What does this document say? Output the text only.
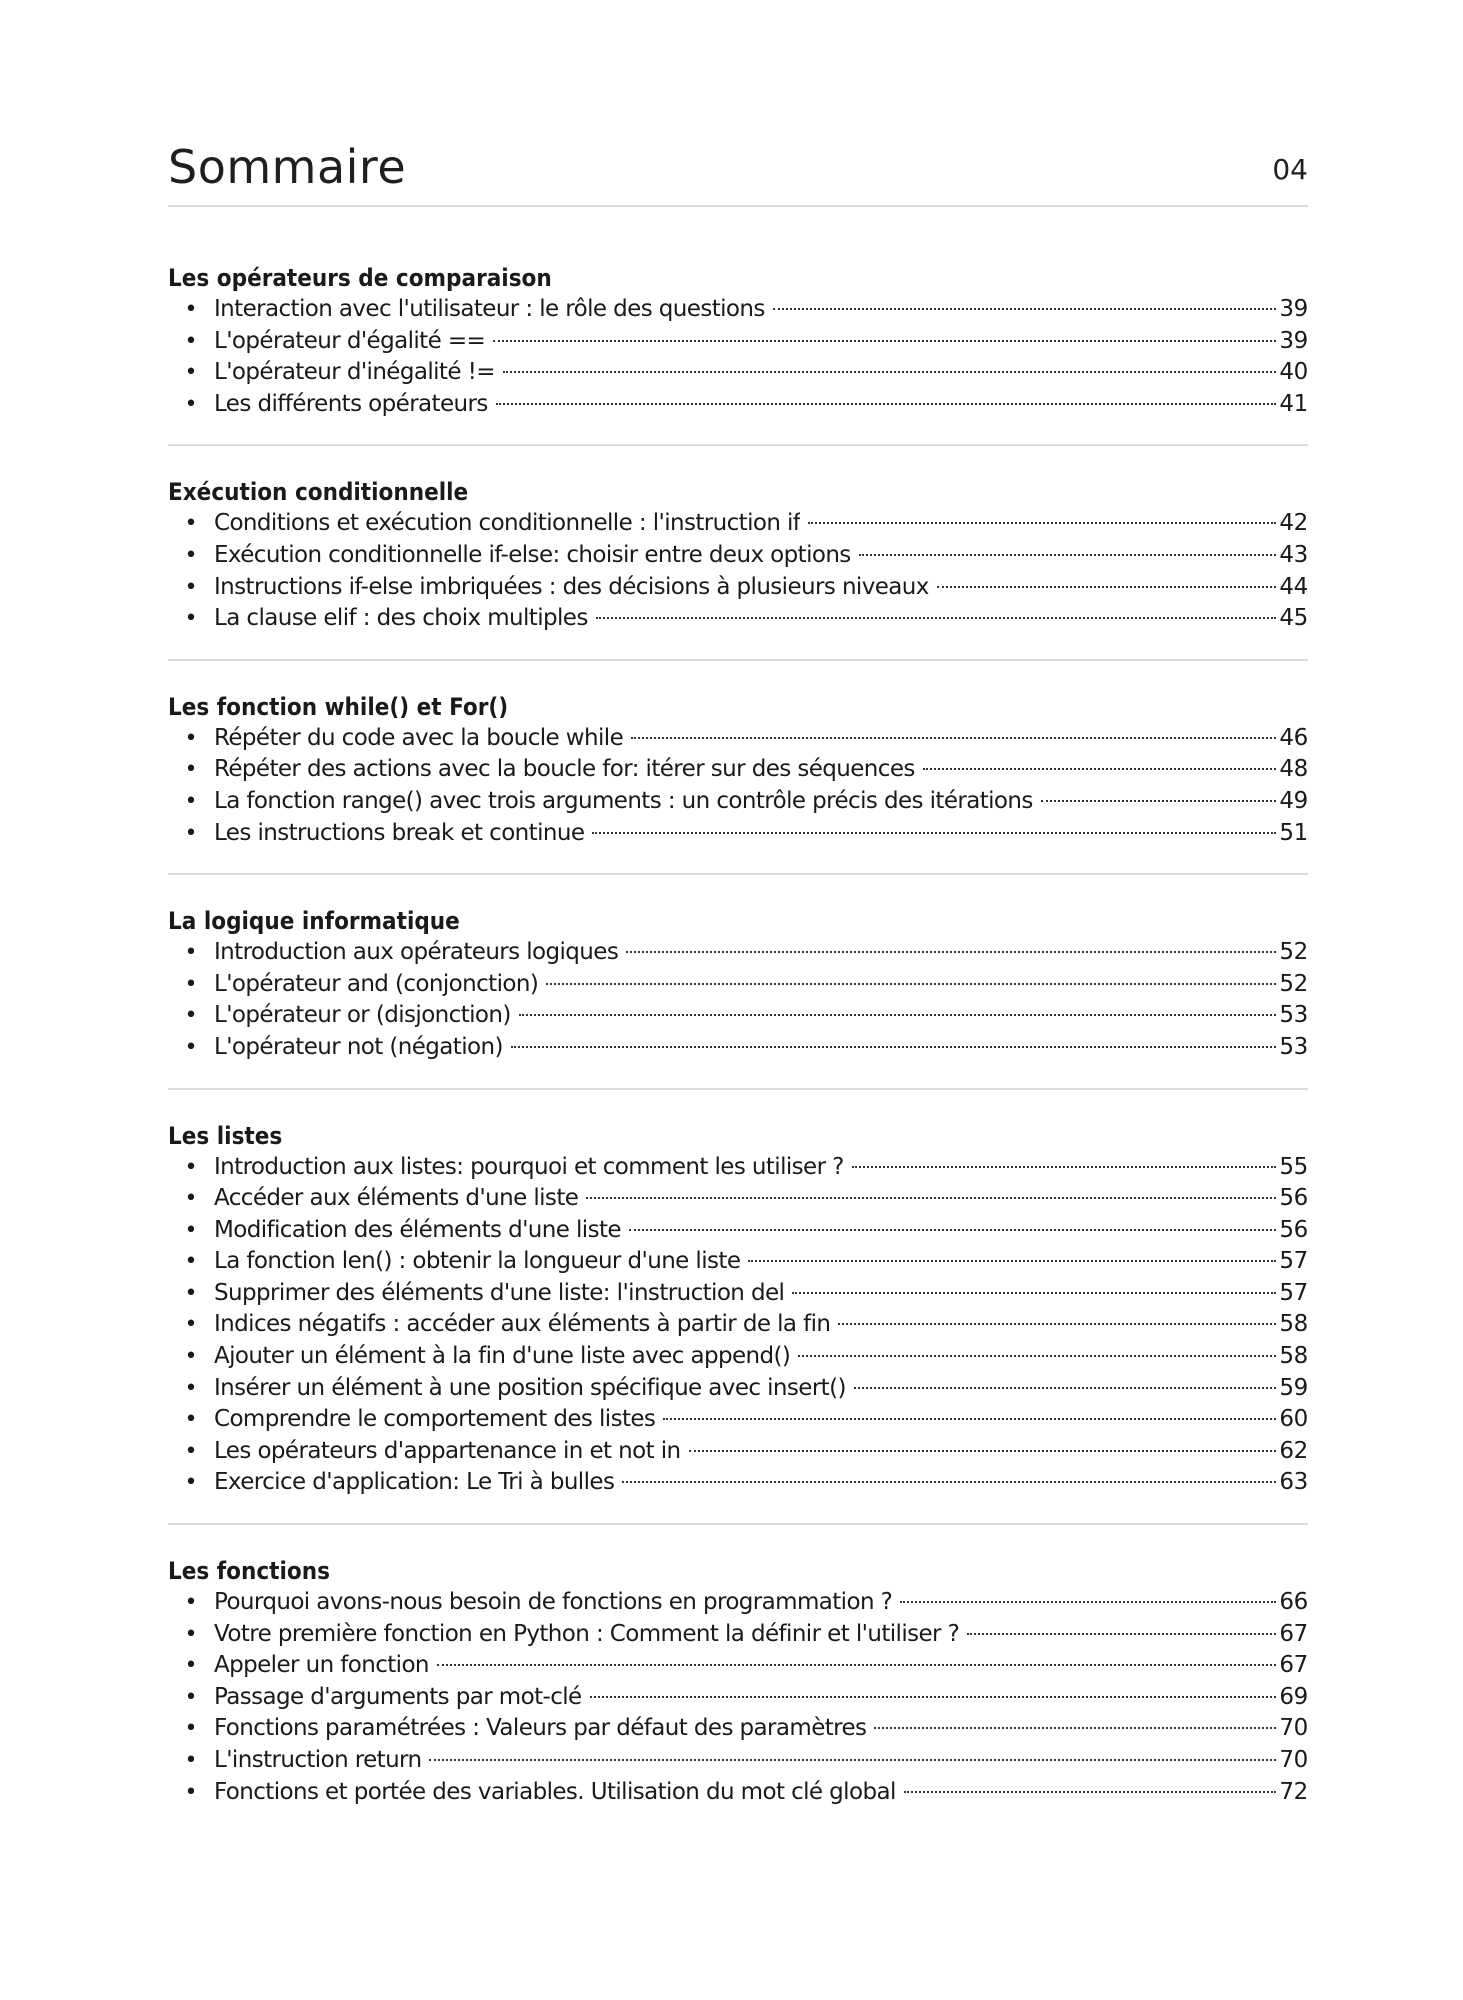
Sommaire	04
Les opérateurs de comparaison
• Interaction avec l'utilisateur : le rôle des questions	39
• L'opérateur d'égalité ==	39
• L'opérateur d'inégalité !=	40
• Les différents opérateurs	41
Exécution conditionnelle
• Conditions et exécution conditionnelle : l'instruction if	42
• Exécution conditionnelle if-else: choisir entre deux options	43
• Instructions if-else imbriquées : des décisions à plusieurs niveaux	44
• La clause elif : des choix multiples	45
Les fonction while() et For()
• Répéter du code avec la boucle while	46
• Répéter des actions avec la boucle for: itérer sur des séquences	48
• La fonction range() avec trois arguments : un contrôle précis des itérations	49
• Les instructions break et continue	51
La logique informatique
• Introduction aux opérateurs logiques	52
• L'opérateur and (conjonction)	52
• L'opérateur or (disjonction)	53
• L'opérateur not (négation)	53
Les listes
• Introduction aux listes: pourquoi et comment les utiliser ?	55
• Accéder aux éléments d'une liste	56
• Modification des éléments d'une liste	56
• La fonction len() : obtenir la longueur d'une liste	57
• Supprimer des éléments d'une liste: l'instruction del	57
• Indices négatifs : accéder aux éléments à partir de la fin	58
• Ajouter un élément à la fin d'une liste avec append()	58
• Insérer un élément à une position spécifique avec insert()	59
• Comprendre le comportement des listes	60
• Les opérateurs d'appartenance in et not in	62
• Exercice d'application: Le Tri à bulles	63
Les fonctions
• Pourquoi avons-nous besoin de fonctions en programmation ?	66
• Votre première fonction en Python : Comment la définir et l'utiliser ?	67
• Appeler un fonction	67
• Passage d'arguments par mot-clé	69
• Fonctions paramétrées : Valeurs par défaut des paramètres	70
• L'instruction return	70
• Fonctions et portée des variables. Utilisation du mot clé global	72
